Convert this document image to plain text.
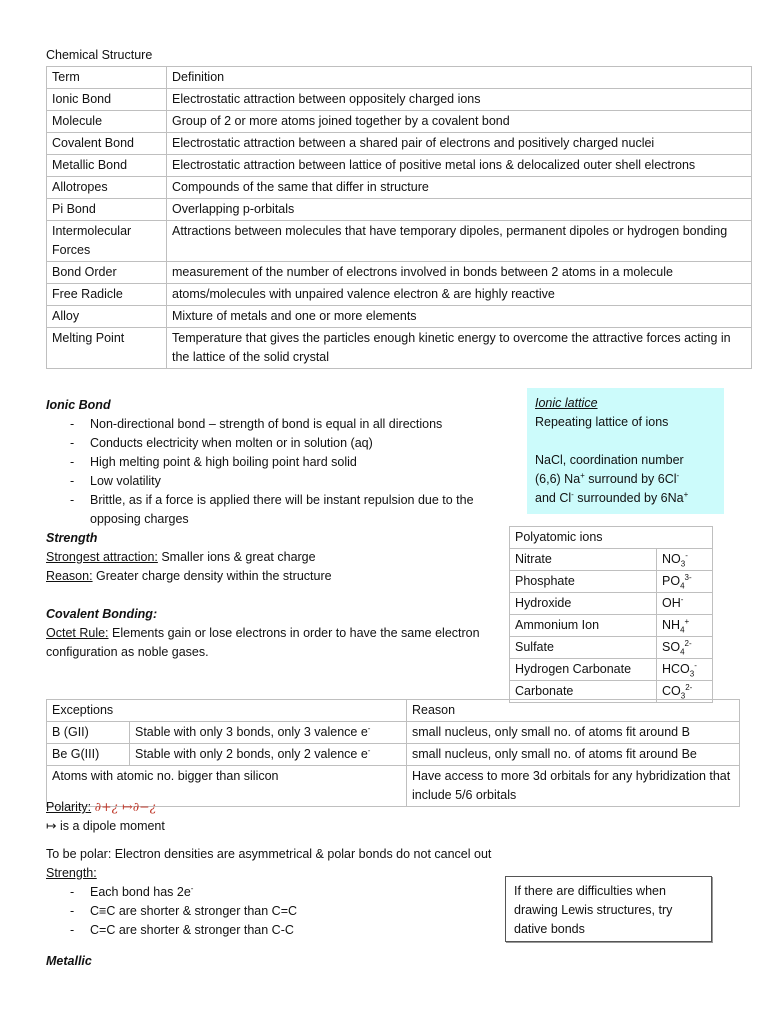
Chemical Structure
Term	Definition
Ionic Bond	Electrostatic attraction between oppositely charged ions
Molecule	Group of 2 or more atoms joined together by a covalent bond
Covalent Bond	Electrostatic attraction between a shared pair of electrons and positively charged nuclei
Metallic Bond	Electrostatic attraction between lattice of positive metal ions & delocalized outer shell electrons
Allotropes	Compounds of the same that differ in structure
Pi Bond	Overlapping p-orbitals
Intermolecular Forces	Attractions between molecules that have temporary dipoles, permanent dipoles or hydrogen bonding
Bond Order	measurement of the number of electrons involved in bonds between 2 atoms in a molecule
Free Radicle	atoms/molecules with unpaired valence electron & are highly reactive
Alloy	Mixture of metals and one or more elements
Melting Point	Temperature that gives the particles enough kinetic energy to overcome the attractive forces acting in the lattice of the solid crystal
Ionic Bond
- Non-directional bond – strength of bond is equal in all directions
- Conducts electricity when molten or in solution (aq)
- High melting point & high boiling point hard solid
- Low volatility
- Brittle, as if a force is applied there will be instant repulsion due to the opposing charges
Strength
Strongest attraction: Smaller ions & great charge
Reason: Greater charge density within the structure

Covalent Bonding:
Octet Rule: Elements gain or lose electrons in order to have the same electron configuration as noble gases.
Ionic lattice
Repeating lattice of ions

NaCl, coordination number
(6,6) Na+ surround by 6Cl-
and Cl- surrounded by 6Na+
Polyatomic ions	
Nitrate	$NO_3^-$
Phosphate	$PO_4^{3-}$
Hydroxide	OH-
Ammonium Ion	$NH_4^+$
Sulfate	$SO_4^{2-}$
Hydrogen Carbonate	$HCO_3^-$
Carbonate	$CO_3^{2-}$
Exceptions		Reason
B (GII)	Stable with only 3 bonds, only 3 valence e-	small nucleus, only small no. of atoms fit around B
Be G(III)	Stable with only 2 bonds, only 2 valence e-	small nucleus, only small no. of atoms fit around Be
Atoms with atomic no. bigger than silicon		Have access to more 3d orbitals for any hybridization that include 5/6 orbitals
Polarity: ∂+¿ ↦∂−¿
↦ is a dipole moment

To be polar: Electron densities are asymmetrical & polar bonds do not cancel out
Strength:
- Each bond has 2e-
- C≡C are shorter & stronger than C=C
- C=C are shorter & stronger than C-C

Metallic
If there are difficulties when drawing Lewis structures, try dative bonds
